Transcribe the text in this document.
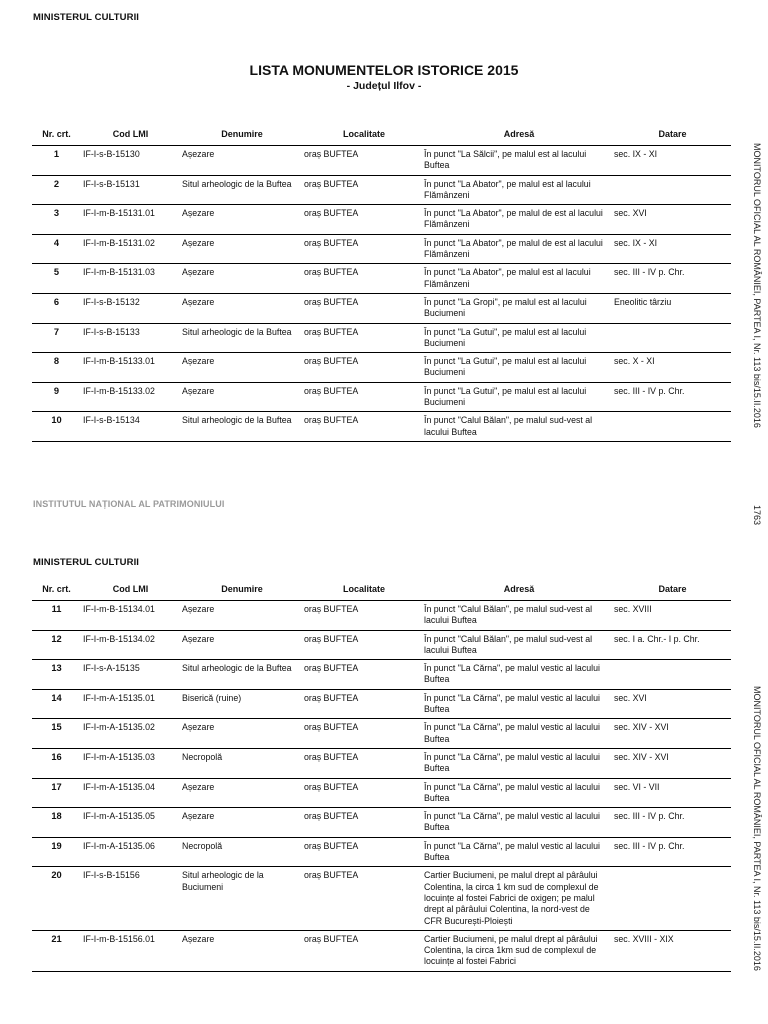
MINISTERUL CULTURII
LISTA MONUMENTELOR ISTORICE 2015
- Județul Ilfov -
Nr. crt.	Cod LMI	Denumire	Localitate	Adresă	Datare
1	IF-I-s-B-15130	Așezare	oraș BUFTEA	În punct "La Sălcii", pe malul est al lacului Buftea	sec. IX - XI
2	IF-I-s-B-15131	Situl arheologic de la Buftea	oraș BUFTEA	În punct "La Abator", pe malul est al lacului Flămânzeni	
3	IF-I-m-B-15131.01	Așezare	oraș BUFTEA	În punct "La Abator", pe malul de est al lacului Flămânzeni	sec. XVI
4	IF-I-m-B-15131.02	Așezare	oraș BUFTEA	În punct "La Abator", pe malul de est al lacului Flămânzeni	sec. IX - XI
5	IF-I-m-B-15131.03	Așezare	oraș BUFTEA	În punct "La Abator", pe malul est al lacului Flămânzeni	sec. III - IV p. Chr.
6	IF-I-s-B-15132	Așezare	oraș BUFTEA	În punct "La Gropi", pe malul est al lacului Buciumeni	Eneolitic târziu
7	IF-I-s-B-15133	Situl arheologic de la Buftea	oraș BUFTEA	În punct "La Gutui", pe malul est al lacului Buciumeni	
8	IF-I-m-B-15133.01	Așezare	oraș BUFTEA	În punct "La Gutui", pe malul est al lacului Buciumeni	sec. X - XI
9	IF-I-m-B-15133.02	Așezare	oraș BUFTEA	În punct "La Gutui", pe malul est al lacului Buciumeni	sec. III - IV p. Chr.
10	IF-I-s-B-15134	Situl arheologic de la Buftea	oraș BUFTEA	În punct "Calul Bălan", pe malul sud-vest al lacului Buftea	
INSTITUTUL NAȚIONAL AL PATRIMONIULUI
MINISTERUL CULTURII
Nr. crt.	Cod LMI	Denumire	Localitate	Adresă	Datare
11	IF-I-m-B-15134.01	Așezare	oraș BUFTEA	În punct "Calul Bălan", pe malul sud-vest al lacului Buftea	sec. XVIII
12	IF-I-m-B-15134.02	Așezare	oraș BUFTEA	În punct "Calul Bălan", pe malul sud-vest al lacului Buftea	sec. I a. Chr.- I p. Chr.
13	IF-I-s-A-15135	Situl arheologic de la Buftea	oraș BUFTEA	În punct "La Cărna", pe malul vestic al lacului Buftea	
14	IF-I-m-A-15135.01	Biserică (ruine)	oraș BUFTEA	În punct "La Cărna", pe malul vestic al lacului Buftea	sec. XVI
15	IF-I-m-A-15135.02	Așezare	oraș BUFTEA	În punct "La Cărna", pe malul vestic al lacului Buftea	sec. XIV - XVI
16	IF-I-m-A-15135.03	Necropolă	oraș BUFTEA	În punct "La Cărna", pe malul vestic al lacului Buftea	sec. XIV - XVI
17	IF-I-m-A-15135.04	Așezare	oraș BUFTEA	În punct "La Cărna", pe malul vestic al lacului Buftea	sec. VI - VII
18	IF-I-m-A-15135.05	Așezare	oraș BUFTEA	În punct "La Cărna", pe malul vestic al lacului Buftea	sec. III - IV p. Chr.
19	IF-I-m-A-15135.06	Necropolă	oraș BUFTEA	În punct "La Cărna", pe malul vestic al lacului Buftea	sec. III - IV p. Chr.
20	IF-I-s-B-15156	Situl arheologic de la Buciumeni	oraș BUFTEA	Cartier Buciumeni, pe malul drept al pârâului Colentina, la circa 1 km sud de complexul de locuințe al fostei Fabrici de oxigen; pe malul drept al pârâului Colentina, la nord-vest de CFR București-Ploiești	
21	IF-I-m-B-15156.01	Așezare	oraș BUFTEA	Cartier Buciumeni, pe malul drept al pârâului Colentina, la circa 1km sud de complexul de locuințe al fostei Fabrici	sec. XVIII - XIX
MONITORUL OFICIAL AL ROMÂNIEI, PARTEA I, Nr. 113 bis/15.II.2016
1763
MONITORUL OFICIAL AL ROMÂNIEI, PARTEA I, Nr. 113 bis/15.II.2016
